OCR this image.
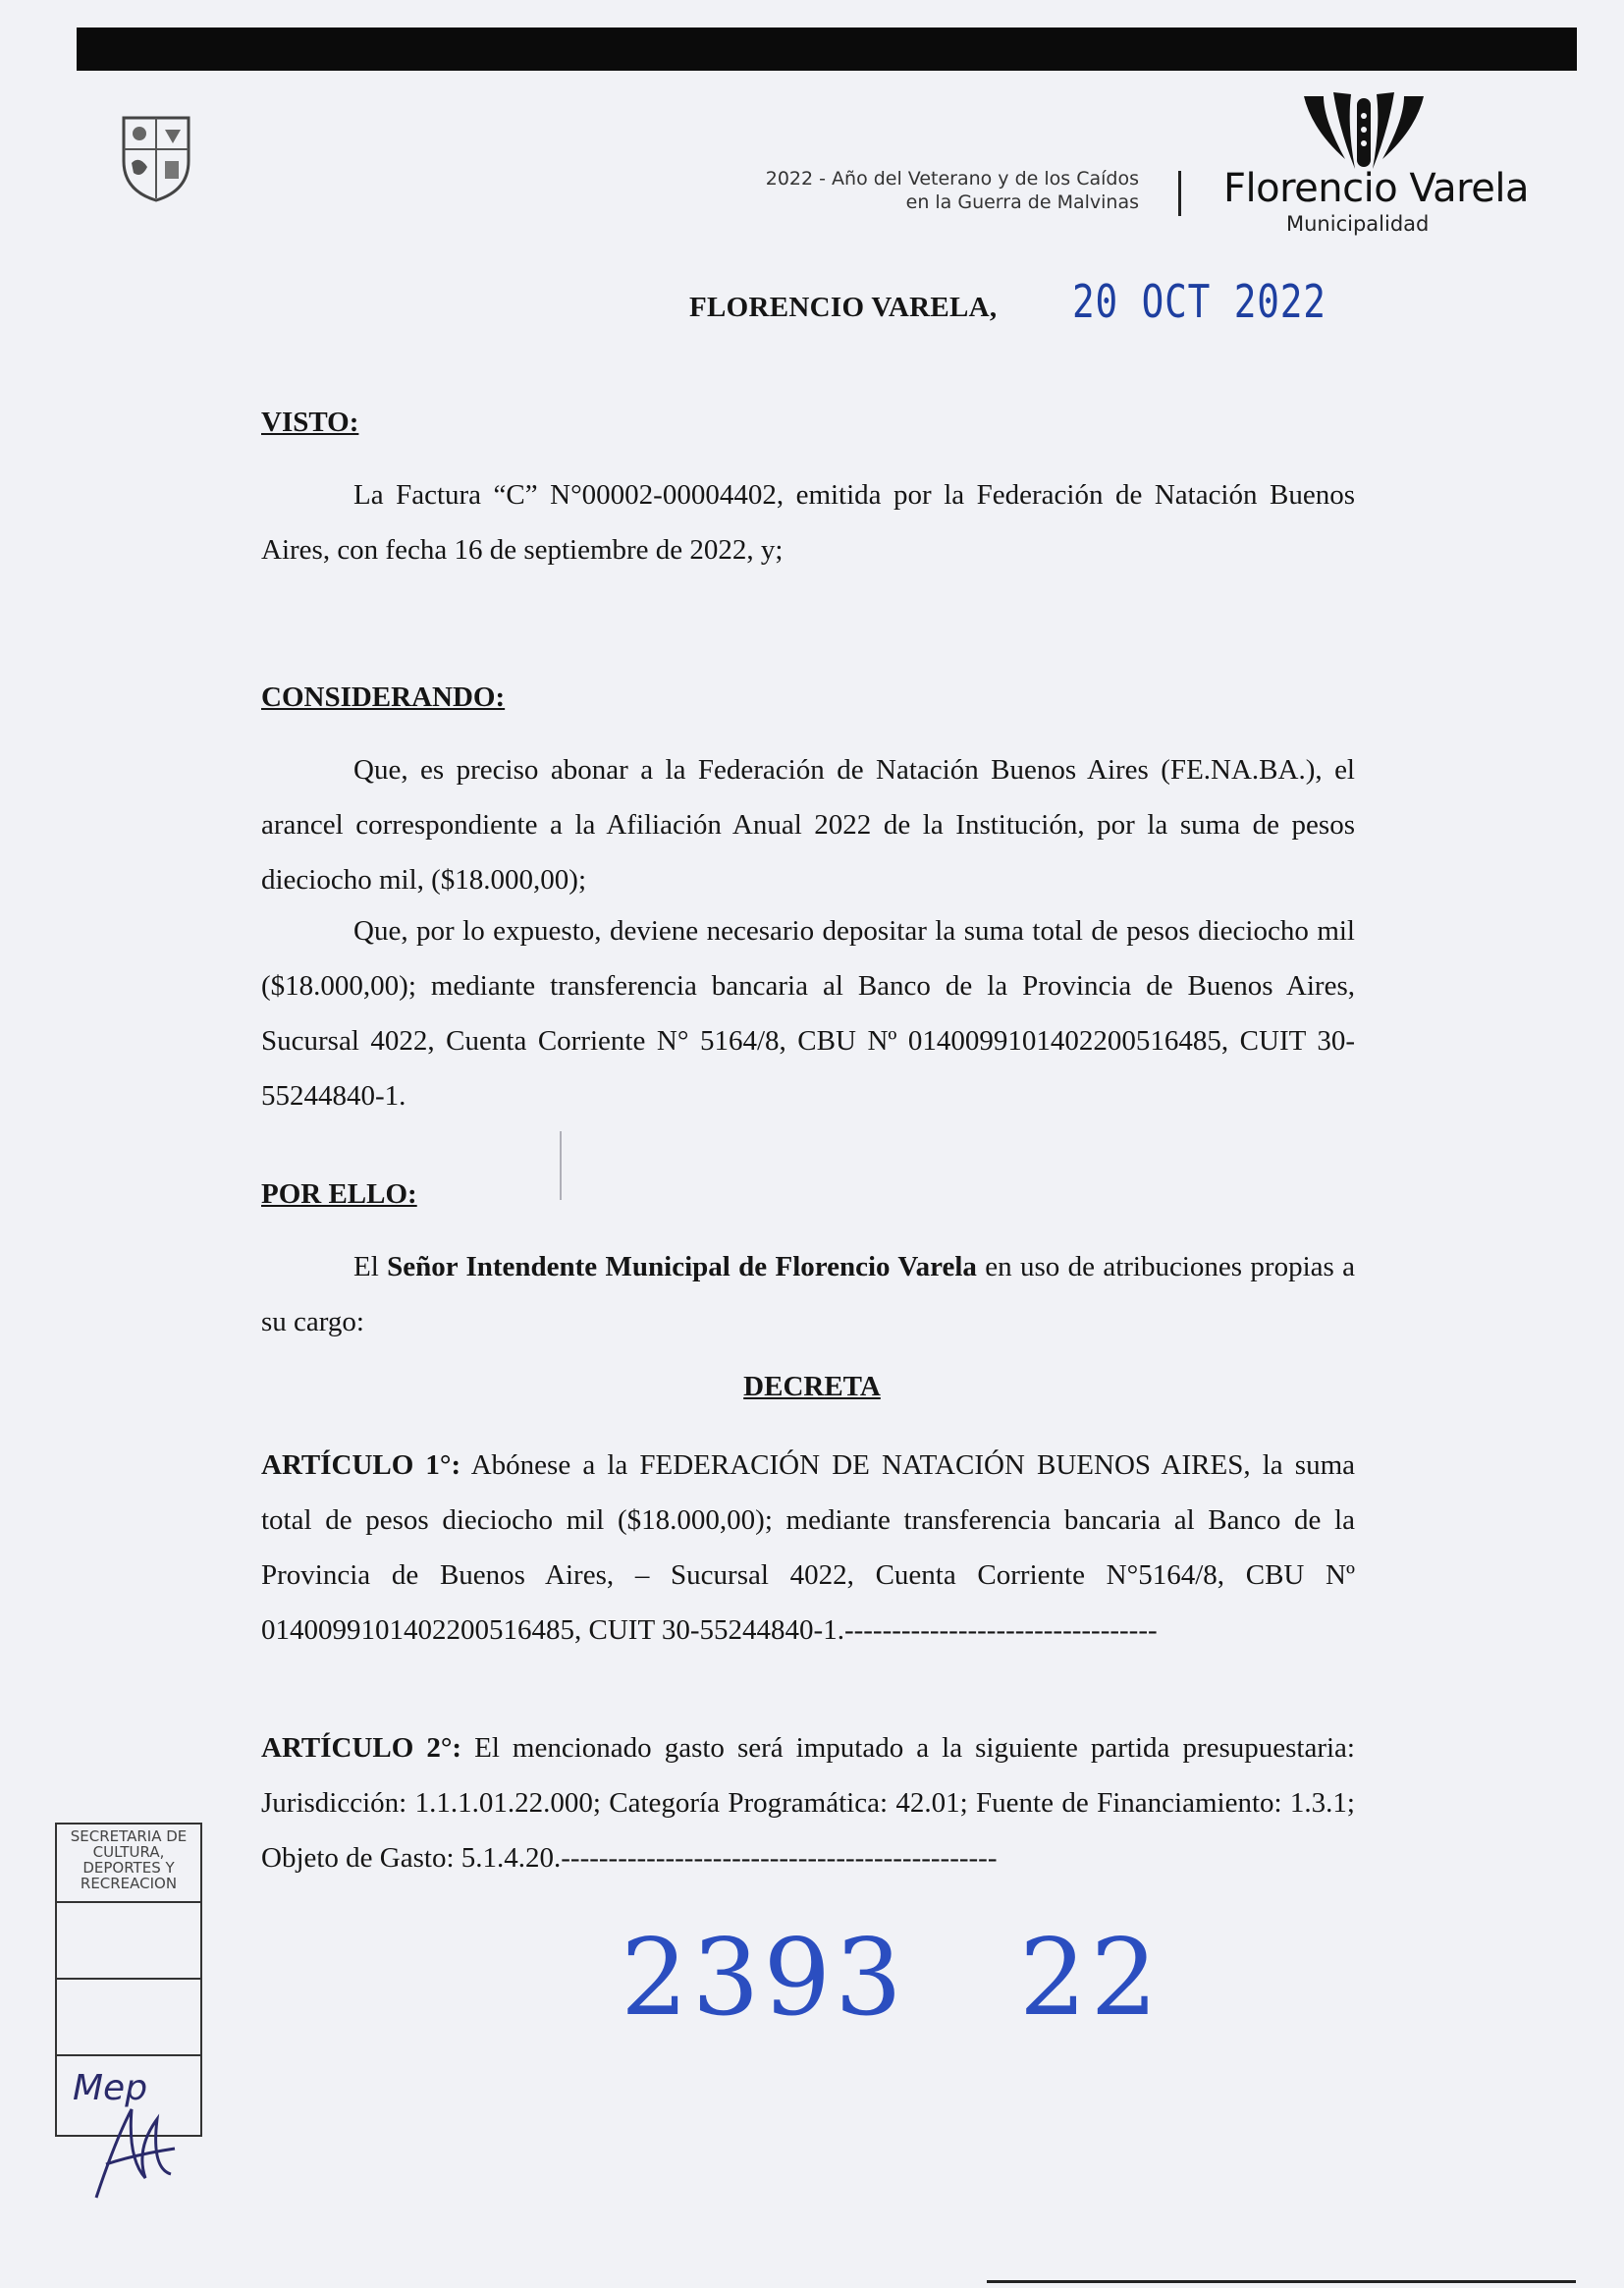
2022 - Año del Veterano y de los Caídos
en la Guerra de Malvinas Florencio Varela
Municipalidad
FLORENCIO VARELA, 20 OCT 2022
VISTO:

La Factura “C” N°00002-00004402, emitida por la Federación de Natación Buenos Aires, con fecha 16 de septiembre de 2022, y;

CONSIDERANDO:

Que, es preciso abonar a la Federación de Natación Buenos Aires (FE.NA.BA.), el arancel correspondiente a la Afiliación Anual 2022 de la Institución, por la suma de pesos dieciocho mil, ($18.000,00);

Que, por lo expuesto, deviene necesario depositar la suma total de pesos dieciocho mil ($18.000,00); mediante transferencia bancaria al Banco de la Provincia de Buenos Aires, Sucursal 4022, Cuenta Corriente N° 5164/8, CBU Nº 0140099101402200516485, CUIT 30-55244840-1.

POR ELLO:

El Señor Intendente Municipal de Florencio Varela en uso de atribuciones propias a su cargo:

DECRETA

ARTÍCULO 1°: Abónese a la FEDERACIÓN DE NATACIÓN BUENOS AIRES, la suma total de pesos dieciocho mil ($18.000,00); mediante transferencia bancaria al Banco de la Provincia de Buenos Aires, – Sucursal 4022, Cuenta Corriente N°5164/8, CBU Nº 0140099101402200516485, CUIT 30-55244840-1.---------------------------------

ARTÍCULO 2°: El mencionado gasto será imputado a la siguiente partida presupuestaria: Jurisdicción: 1.1.1.01.22.000; Categoría Programática: 42.01; Fuente de Financiamiento: 1.3.1; Objeto de Gasto: 5.1.4.20.----------------------------------------------

SECRETARIA DE CULTURA, DEPORTES Y RECREACION
Mep
2393   22
